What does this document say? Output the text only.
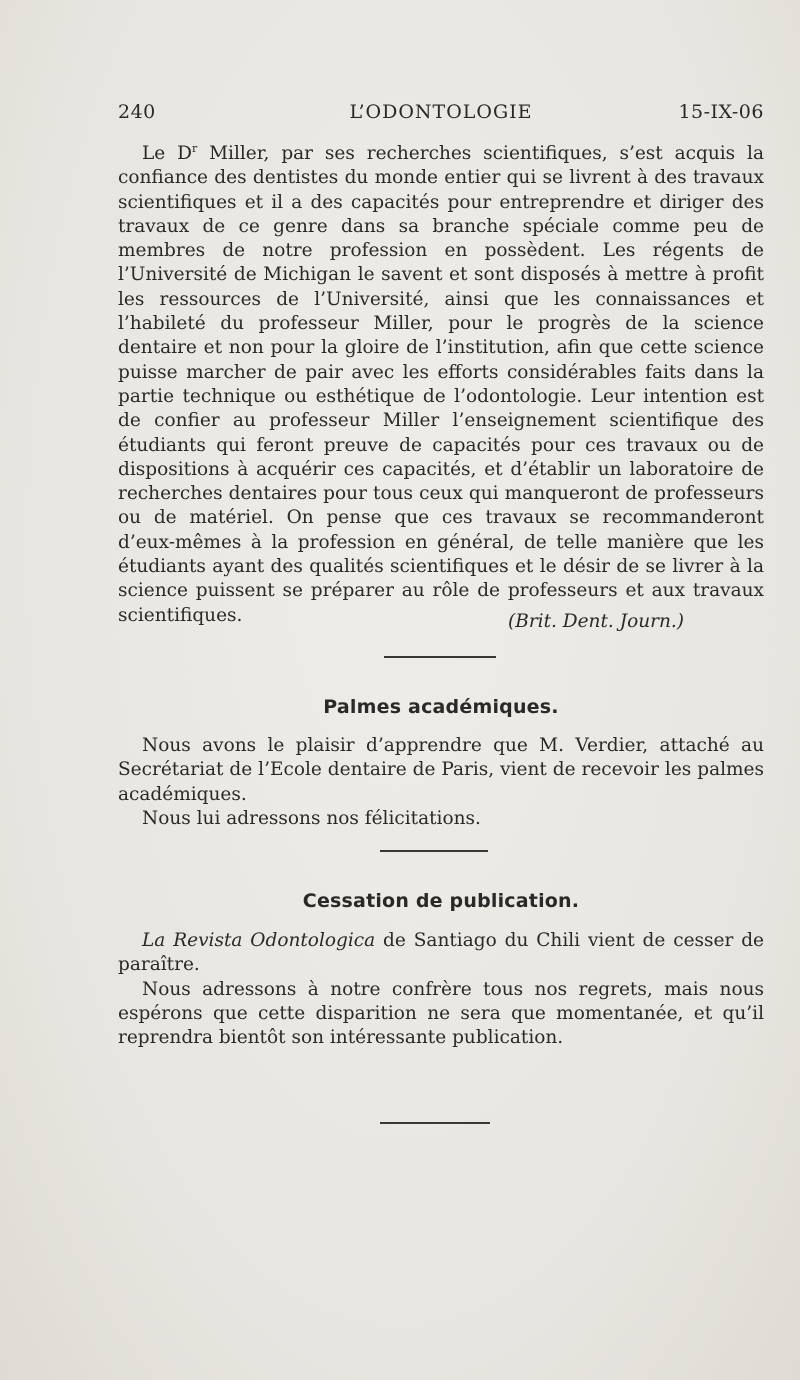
L’ODONTOLOGIE
240	15-IX-06

Le $D^r$ Miller, par ses recherches scientifiques, s’est acquis la confiance des dentistes du monde entier qui se livrent à des travaux scientifiques et il a des capacités pour entreprendre et diriger des travaux de ce genre dans sa branche spéciale comme peu de membres de notre profession en possèdent. Les régents de l’Université de Michigan le savent et sont disposés à mettre à profit les ressources de l’Université, ainsi que les connaissances et l’habileté du professeur Miller, pour le progrès de la science dentaire et non pour la gloire de l’institution, afin que cette science puisse marcher de pair avec les efforts considérables faits dans la partie technique ou esthétique de l’odontologie. Leur intention est de confier au professeur Miller l’enseignement scientifique des étudiants qui feront preuve de capacités pour ces travaux ou de dispositions à acquérir ces capacités, et d’établir un laboratoire de recherches dentaires pour tous ceux qui manqueront de professeurs ou de matériel. On pense que ces travaux se recommanderont d’eux-mêmes à la profession en général, de telle manière que les étudiants ayant des qualités scientifiques et le désir de se livrer à la science puissent se préparer au rôle de professeurs et aux travaux scientifiques.	(Brit. Dent. Journ.)
Palmes académiques.

Nous avons le plaisir d’apprendre que M. Verdier, attaché au Secrétariat de l’Ecole dentaire de Paris, vient de recevoir les palmes académiques.

Nous lui adressons nos félicitations.

Cessation de publication.

La Revista Odontologica de Santiago du Chili vient de cesser de paraître.

Nous adressons à notre confrère tous nos regrets, mais nous espérons que cette disparition ne sera que momentanée, et qu’il reprendra bientôt son intéressante publication.
